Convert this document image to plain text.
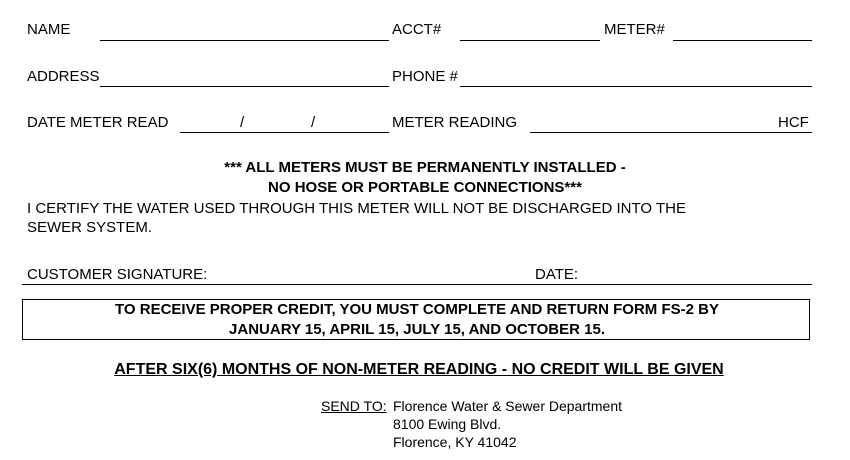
NAME	ACCT#	METER#
ADDRESS	PHONE #
DATE METER READ	/	/	METER READING	HCF
*** ALL METERS MUST BE PERMANENTLY INSTALLED -
NO HOSE OR PORTABLE CONNECTIONS***
I CERTIFY THE WATER USED THROUGH THIS METER WILL NOT BE DISCHARGED INTO THE
SEWER SYSTEM.
CUSTOMER SIGNATURE:	DATE:
TO RECEIVE PROPER CREDIT, YOU MUST COMPLETE AND RETURN FORM FS-2 BY
JANUARY 15, APRIL 15, JULY 15, AND OCTOBER 15.
AFTER SIX(6) MONTHS OF NON-METER READING - NO CREDIT WILL BE GIVEN
SEND TO: Florence Water & Sewer Department
8100 Ewing Blvd.
Florence, KY 41042
